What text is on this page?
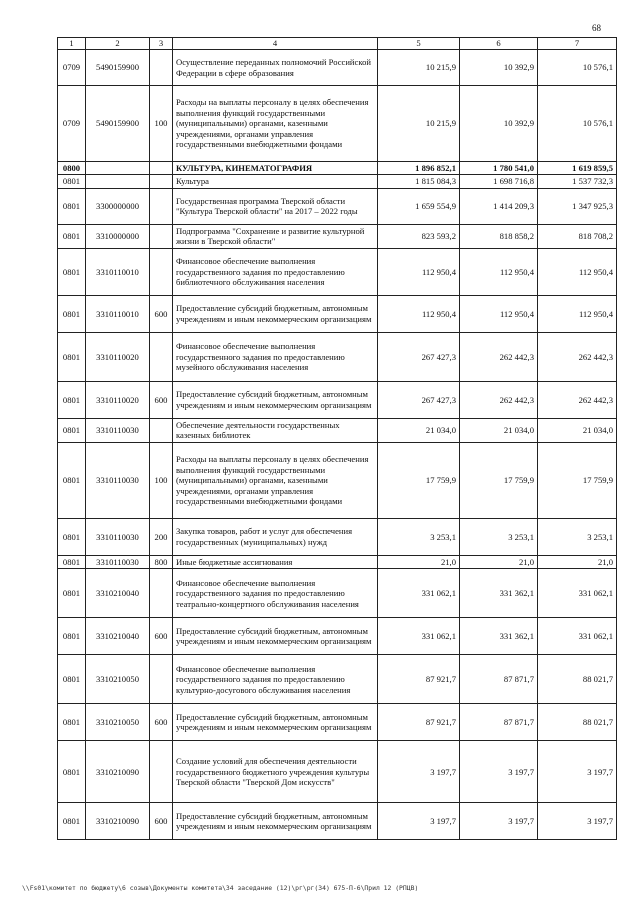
68
1	2	3	4	5	6	7
0709	5490159900		Осуществление переданных полномочий Российской Федерации в сфере образования	10 215,9	10 392,9	10 576,1
0709	5490159900	100	Расходы на выплаты персоналу в целях обеспечения выполнения функций государственными (муниципальными) органами, казенными учреждениями, органами управления государственными внебюджетными фондами	10 215,9	10 392,9	10 576,1
0800			КУЛЬТУРА, КИНЕМАТОГРАФИЯ	1 896 852,1	1 780 541,0	1 619 859,5
0801			Культура	1 815 084,3	1 698 716,8	1 537 732,3
0801	3300000000		Государственная программа Тверской области "Культура Тверской области" на 2017 – 2022 годы	1 659 554,9	1 414 209,3	1 347 925,3
0801	3310000000		Подпрограмма "Сохранение и развитие культурной жизни в Тверской области"	823 593,2	818 858,2	818 708,2
0801	3310110010		Финансовое обеспечение выполнения государственного задания по предоставлению библиотечного обслуживания населения	112 950,4	112 950,4	112 950,4
0801	3310110010	600	Предоставление субсидий бюджетным, автономным учреждениям и иным некоммерческим организациям	112 950,4	112 950,4	112 950,4
0801	3310110020		Финансовое обеспечение выполнения государственного задания по предоставлению музейного обслуживания населения	267 427,3	262 442,3	262 442,3
0801	3310110020	600	Предоставление субсидий бюджетным, автономным учреждениям и иным некоммерческим организациям	267 427,3	262 442,3	262 442,3
0801	3310110030		Обеспечение деятельности государственных казенных библиотек	21 034,0	21 034,0	21 034,0
0801	3310110030	100	Расходы на выплаты персоналу в целях обеспечения выполнения функций государственными (муниципальными) органами, казенными учреждениями, органами управления государственными внебюджетными фондами	17 759,9	17 759,9	17 759,9
0801	3310110030	200	Закупка товаров, работ и услуг для обеспечения государственных (муниципальных) нужд	3 253,1	3 253,1	3 253,1
0801	3310110030	800	Иные бюджетные ассигнования	21,0	21,0	21,0
0801	3310210040		Финансовое обеспечение выполнения государственного задания по предоставлению театрально-концертного обслуживания населения	331 062,1	331 362,1	331 062,1
0801	3310210040	600	Предоставление субсидий бюджетным, автономным учреждениям и иным некоммерческим организациям	331 062,1	331 362,1	331 062,1
0801	3310210050		Финансовое обеспечение выполнения государственного задания по предоставлению культурно-досугового обслуживания населения	87 921,7	87 871,7	88 021,7
0801	3310210050	600	Предоставление субсидий бюджетным, автономным учреждениям и иным некоммерческим организациям	87 921,7	87 871,7	88 021,7
0801	3310210090		Создание условий для обеспечения деятельности государственного бюджетного учреждения культуры Тверской области "Тверской Дом искусств"	3 197,7	3 197,7	3 197,7
0801	3310210090	600	Предоставление субсидий бюджетным, автономным учреждениям и иным некоммерческим организациям	3 197,7	3 197,7	3 197,7
\\Fs01\комитет по бюджету\6 созыв\Документы комитета\34 заседание (12)\рг\рг(34) 675-П-6\Прил 12 (РПЦВ)
